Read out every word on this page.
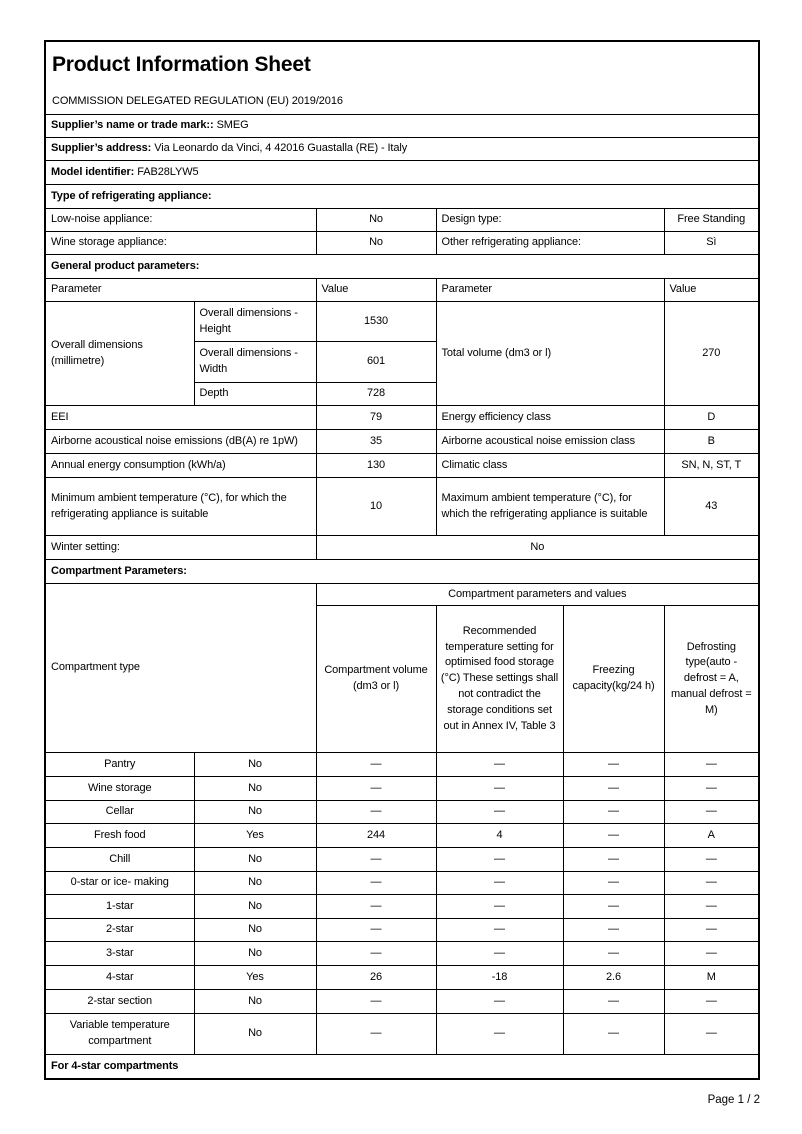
Product Information Sheet
COMMISSION DELEGATED REGULATION (EU) 2019/2016					

Supplier’s name or trade mark:: SMEG					
Supplier’s address: Via Leonardo da Vinci, 4 42016 Guastalla (RE) - Italy					
Model identifier: FAB28LYW5					
Type of refrigerating appliance:					
Low-noise appliance:		No	Design type:		Free Standing
Wine storage appliance:		No	Other refrigerating appliance:		Sì
General product parameters:					
Parameter		Value	Parameter		Value
Overall dimensions (millimetre)	Overall dimensions - Height	1530	Total volume (dm3 or l)		270
	Overall dimensions - Width	601			
	Depth	728			
EEI		79	Energy efficiency class		D
Airborne acoustical noise emissions (dB(A) re 1pW)		35	Airborne acoustical noise emission class		B
Annual energy consumption (kWh/a)		130	Climatic class		SN, N, ST, T
Minimum ambient temperature (°C), for which the refrigerating appliance is suitable		10	Maximum ambient temperature (°C), for which the refrigerating appliance is suitable		43
Winter setting:		No			
Compartment Parameters:					
Compartment type		Compartment parameters and values			
		Compartment volume (dm3 or l)	Recommended temperature setting for optimised food storage (°C) These settings shall not contradict the storage conditions set out in Annex IV, Table 3	Freezing capacity(kg/24 h)	Defrosting type(auto - defrost = A, manual defrost = M)
Pantry	No	—	—	—	—
Wine storage	No	—	—	—	—
Cellar	No	—	—	—	—
Fresh food	Yes	244	4	—	A
Chill	No	—	—	—	—
0-star or ice- making	No	—	—	—	—
1-star	No	—	—	—	—
2-star	No	—	—	—	—
3-star	No	—	—	—	—
4-star	Yes	26	-18	2.6	M
2-star section	No	—	—	—	—
Variable temperature compartment	No	—	—	—	—
For 4-star compartments					
Page 1 / 2
